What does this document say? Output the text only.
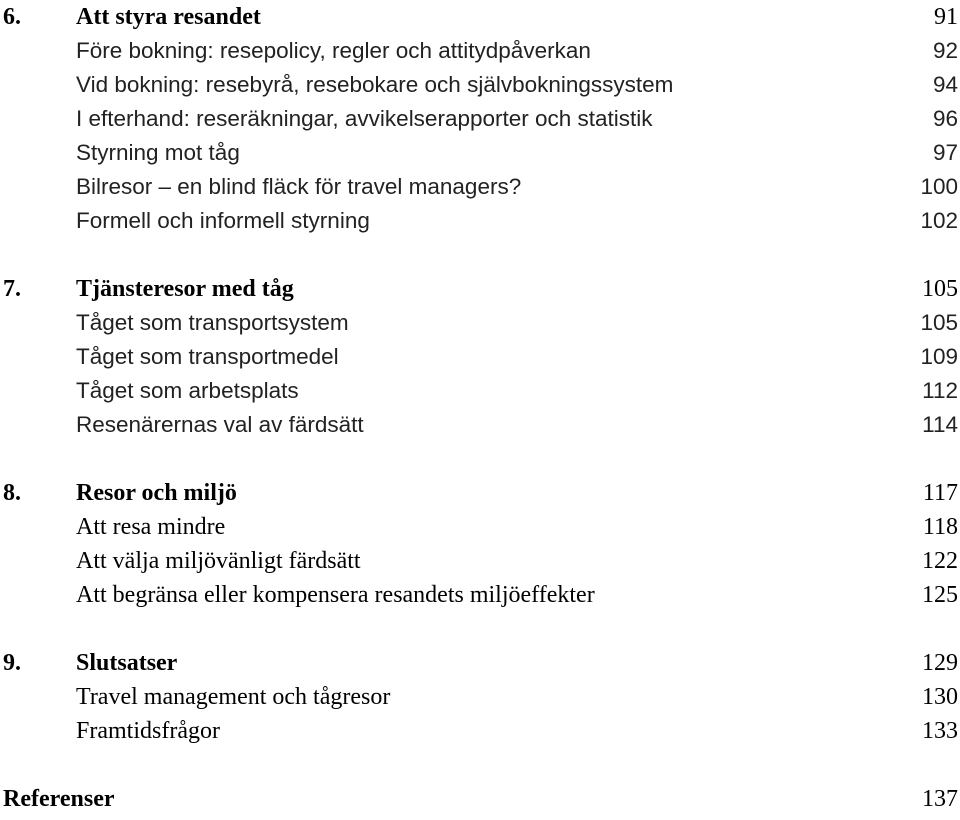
6. Att styra resandet	91
Före bokning: resepolicy, regler och attitydpåverkan	92
Vid bokning: resebyrå, resebokare och självbokningssystem	94
I efterhand: reseräkningar, avvikelserapporter och statistik	96
Styrning mot tåg	97
Bilresor – en blind fläck för travel managers?	100
Formell och informell styrning	102
7. Tjänsteresor med tåg	105
Tåget som transportsystem	105
Tåget som transportmedel	109
Tåget som arbetsplats	112
Resenärernas val av färdsätt	114
8. Resor och miljö	117
Att resa mindre	118
Att välja miljövänligt färdsätt	122
Att begränsa eller kompensera resandets miljöeffekter	125
9. Slutsatser	129
Travel management och tågresor	130
Framtidsfrågor	133
Referenser	137
